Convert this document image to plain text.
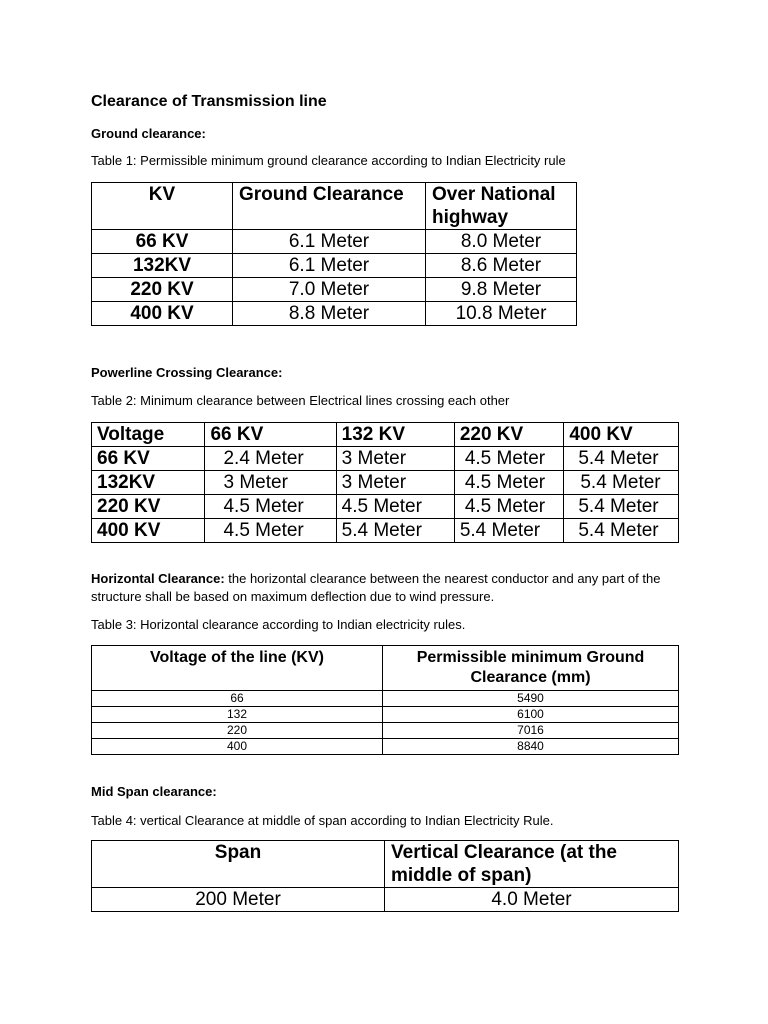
Clearance of Transmission line
Ground clearance:
Table 1: Permissible minimum ground clearance according to Indian Electricity rule
KV	Ground Clearance	Over National highway
66 KV	6.1 Meter	8.0 Meter
132KV	6.1 Meter	8.6 Meter
220 KV	7.0 Meter	9.8 Meter
400 KV	8.8 Meter	10.8 Meter
Powerline Crossing Clearance:
Table 2: Minimum clearance between Electrical lines crossing each other
Voltage	66 KV	132 KV	220 KV	400 KV
66 KV	2.4 Meter	3 Meter	4.5 Meter	5.4 Meter
132KV	3 Meter	3 Meter	4.5 Meter	5.4 Meter
220 KV	4.5 Meter	4.5 Meter	4.5 Meter	5.4 Meter
400 KV	4.5 Meter	5.4 Meter	5.4 Meter	5.4 Meter
Horizontal Clearance: the horizontal clearance between the nearest conductor and any part of the structure shall be based on maximum deflection due to wind pressure.
Table 3: Horizontal clearance according to Indian electricity rules.
Voltage of the line (KV)	Permissible minimum Ground Clearance (mm)
66	5490
132	6100
220	7016
400	8840
Mid Span clearance:
Table 4: vertical Clearance at middle of span according to Indian Electricity Rule.
Span	Vertical Clearance (at the middle of span)
200 Meter	4.0 Meter
